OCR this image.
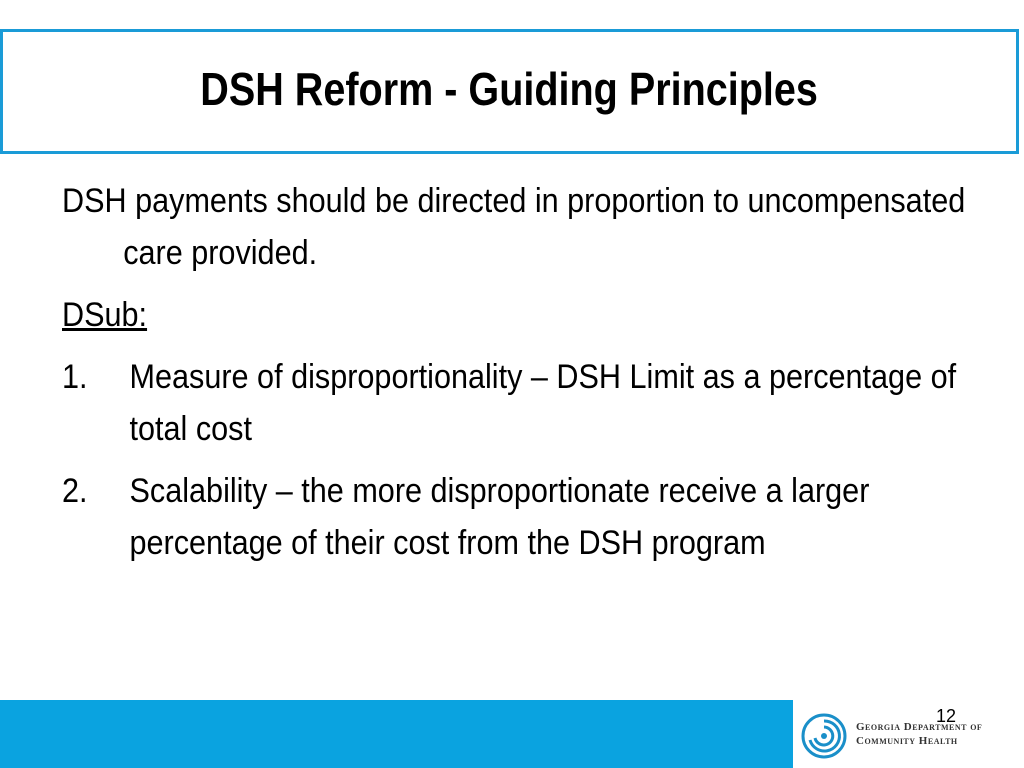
DSH Reform - Guiding Principles

DSH payments should be directed in proportion to uncompensated care provided.

DSub:

1.	Measure of disproportionality – DSH Limit as a percentage of total cost
2.	Scalability – the more disproportionate receive a larger percentage of their cost from the DSH program
12
Georgia Department of
Community Health
